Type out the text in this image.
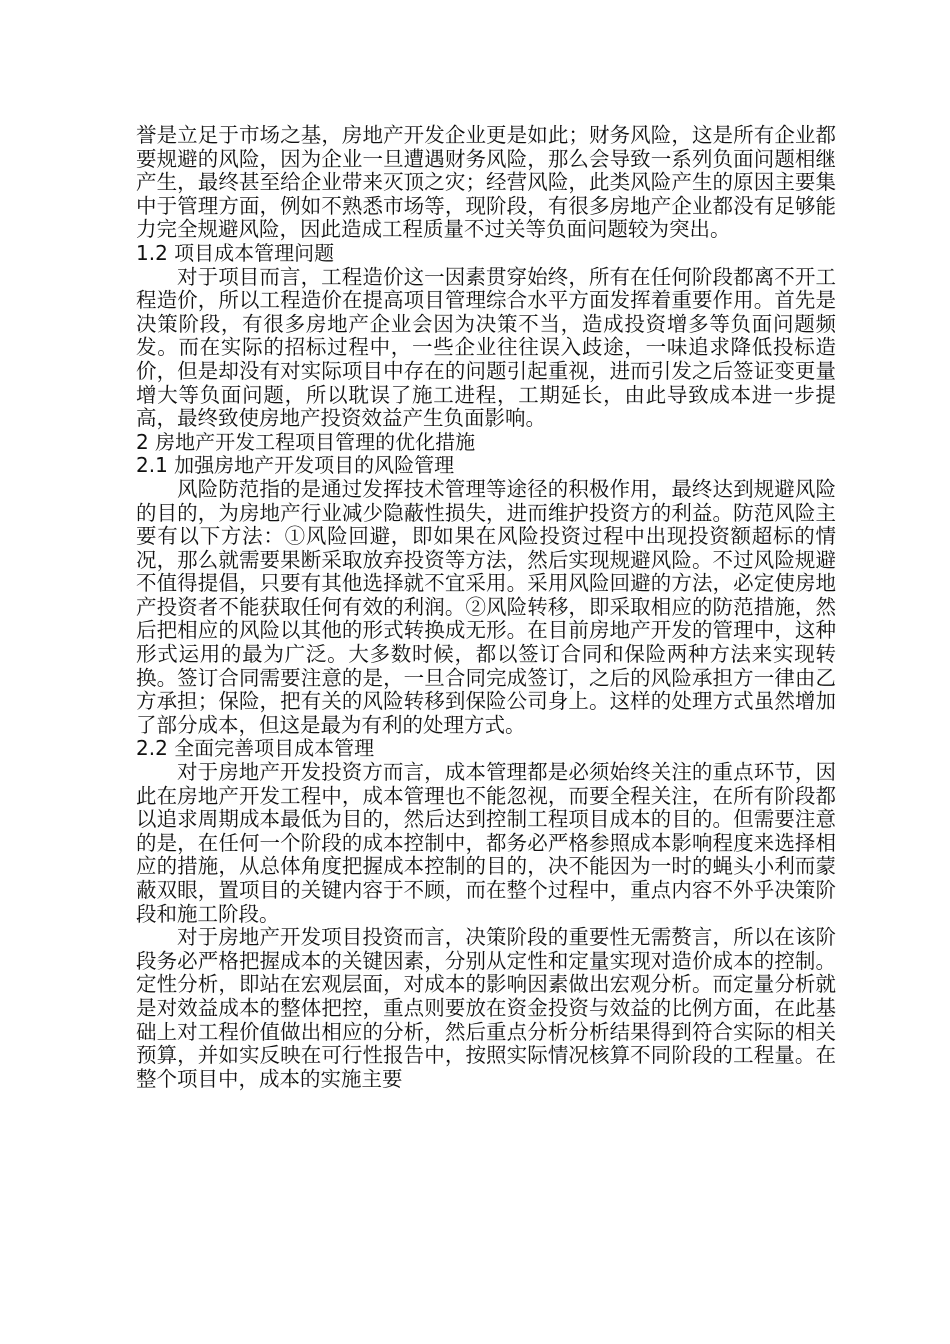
誉是立足于市场之基，房地产开发企业更是如此；财务风险，这是所有企业都要规避的风险，因为企业一旦遭遇财务风险，那么会导致一系列负面问题相继产生，最终甚至给企业带来灭顶之灾；经营风险，此类风险产生的原因主要集中于管理方面，例如不熟悉市场等，现阶段，有很多房地产企业都没有足够能力完全规避风险，因此造成工程质量不过关等负面问题较为突出。

1.2 项目成本管理问题

对于项目而言，工程造价这一因素贯穿始终，所有在任何阶段都离不开工程造价，所以工程造价在提高项目管理综合水平方面发挥着重要作用。首先是决策阶段，有很多房地产企业会因为决策不当，造成投资增多等负面问题频发。而在实际的招标过程中，一些企业往往误入歧途，一味追求降低投标造价，但是却没有对实际项目中存在的问题引起重视，进而引发之后签证变更量增大等负面问题，所以耽误了施工进程，工期延长，由此导致成本进一步提高，最终致使房地产投资效益产生负面影响。

2 房地产开发工程项目管理的优化措施
2.1 加强房地产开发项目的风险管理

风险防范指的是通过发挥技术管理等途径的积极作用，最终达到规避风险的目的，为房地产行业减少隐蔽性损失，进而维护投资方的利益。防范风险主要有以下方法：①风险回避，即如果在风险投资过程中出现投资额超标的情况，那么就需要果断采取放弃投资等方法，然后实现规避风险。不过风险规避不值得提倡，只要有其他选择就不宜采用。采用风险回避的方法，必定使房地产投资者不能获取任何有效的利润。②风险转移，即采取相应的防范措施，然后把相应的风险以其他的形式转换成无形。在目前房地产开发的管理中，这种形式运用的最为广泛。大多数时候，都以签订合同和保险两种方法来实现转换。签订合同需要注意的是，一旦合同完成签订，之后的风险承担方一律由乙方承担；保险，把有关的风险转移到保险公司身上。这样的处理方式虽然增加了部分成本，但这是最为有利的处理方式。

2.2 全面完善项目成本管理

对于房地产开发投资方而言，成本管理都是必须始终关注的重点环节，因此在房地产开发工程中，成本管理也不能忽视，而要全程关注，在所有阶段都以追求周期成本最低为目的，然后达到控制工程项目成本的目的。但需要注意的是，在任何一个阶段的成本控制中，都务必严格参照成本影响程度来选择相应的措施，从总体角度把握成本控制的目的，决不能因为一时的蝇头小利而蒙蔽双眼，置项目的关键内容于不顾，而在整个过程中，重点内容不外乎决策阶段和施工阶段。

对于房地产开发项目投资而言，决策阶段的重要性无需赘言，所以在该阶段务必严格把握成本的关键因素，分别从定性和定量实现对造价成本的控制。定性分析，即站在宏观层面，对成本的影响因素做出宏观分析。而定量分析就是对效益成本的整体把控，重点则要放在资金投资与效益的比例方面，在此基础上对工程价值做出相应的分析，然后重点分析分析结果得到符合实际的相关预算，并如实反映在可行性报告中，按照实际情况核算不同阶段的工程量。在整个项目中，成本的实施主要
